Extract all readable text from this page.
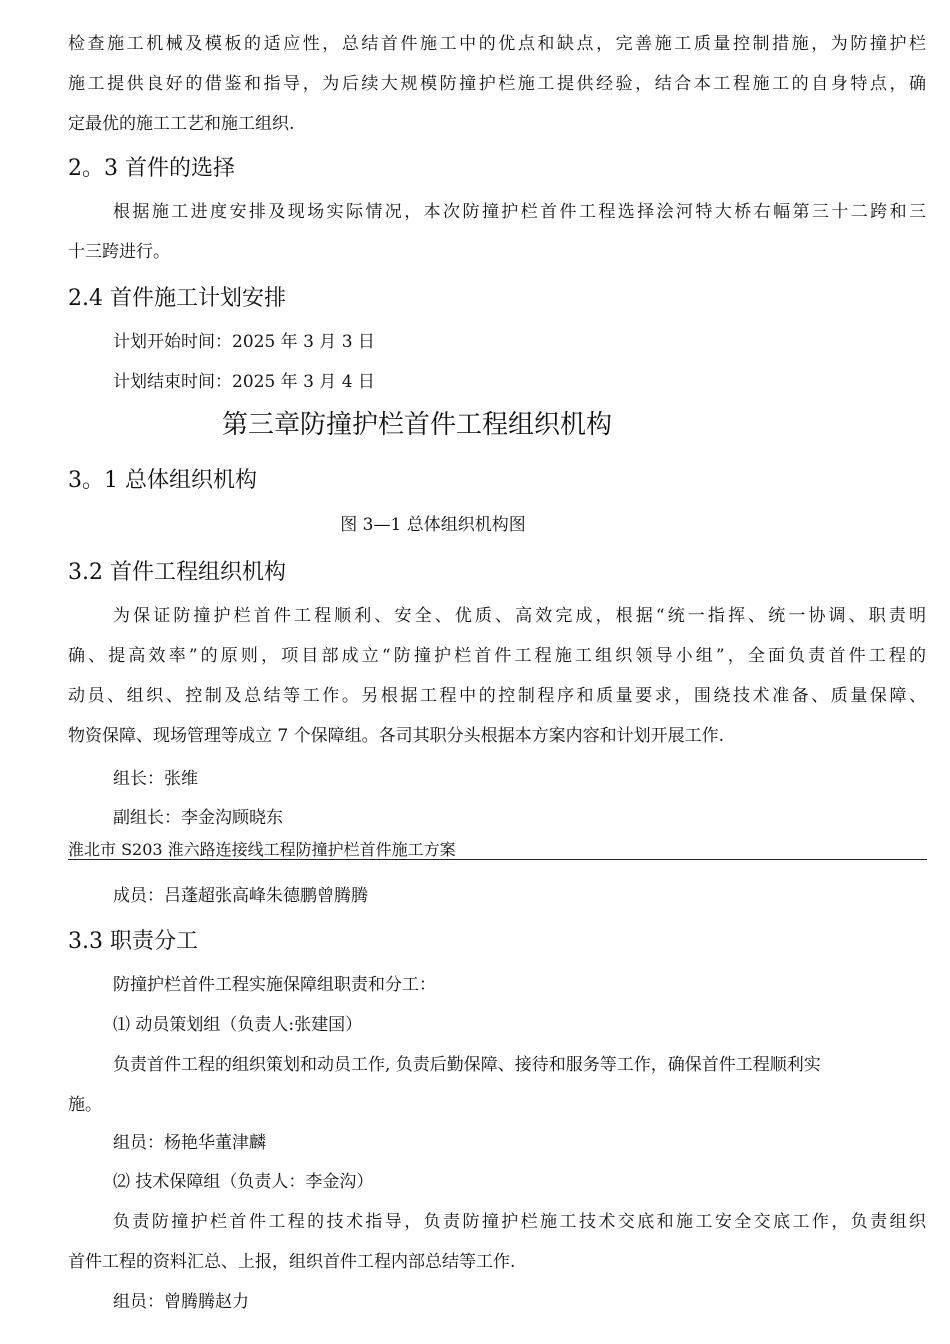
检查施工机械及模板的适应性，总结首件施工中的优点和缺点，完善施工质量控制措施，为防撞护栏
施工提供良好的借鉴和指导，为后续大规模防撞护栏施工提供经验，结合本工程施工的自身特点，确
定最优的施工工艺和施工组织.
2。3 首件的选择
根据施工进度安排及现场实际情况，本次防撞护栏首件工程选择浍河特大桥右幅第三十二跨和三
十三跨进行。
2.4 首件施工计划安排
计划开始时间：2025 年 3 月 3 日
计划结束时间：2025 年 3 月 4 日
第三章防撞护栏首件工程组织机构
3。1 总体组织机构
图 3—1 总体组织机构图
3.2 首件工程组织机构
为保证防撞护栏首件工程顺利、安全、优质、高效完成，根据“统一指挥、统一协调、职责明
确、提高效率”的原则，项目部成立“防撞护栏首件工程施工组织领导小组”，全面负责首件工程的
动员、组织、控制及总结等工作。另根据工程中的控制程序和质量要求，围绕技术准备、质量保障、
物资保障、现场管理等成立 7 个保障组。各司其职分头根据本方案内容和计划开展工作.
组长：张维
副组长：李金沟顾晓东
淮北市 S203 淮六路连接线工程防撞护栏首件施工方案
成员：吕蓬超张高峰朱德鹏曾腾腾
3.3 职责分工
防撞护栏首件工程实施保障组职责和分工：
⑴ 动员策划组（负责人:张建国）
负责首件工程的组织策划和动员工作, 负责后勤保障、接待和服务等工作，确保首件工程顺利实
施。
组员：杨艳华董津麟
⑵ 技术保障组（负责人：李金沟）
负责防撞护栏首件工程的技术指导，负责防撞护栏施工技术交底和施工安全交底工作，负责组织
首件工程的资料汇总、上报，组织首件工程内部总结等工作.
组员：曾腾腾赵力
